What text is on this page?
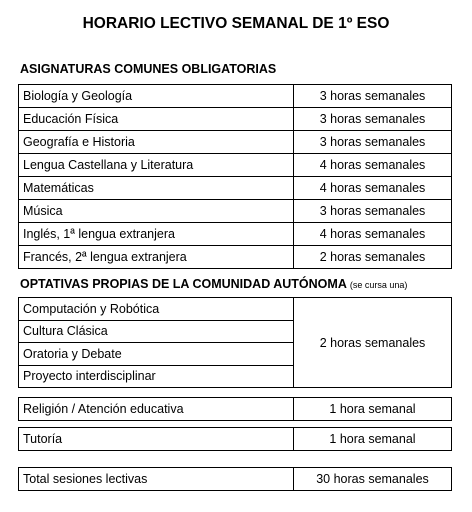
HORARIO LECTIVO SEMANAL DE 1º ESO
ASIGNATURAS COMUNES OBLIGATORIAS
Biología y Geología	3 horas semanales
Educación Física	3 horas semanales
Geografía e Historia	3 horas semanales
Lengua Castellana y Literatura	4 horas semanales
Matemáticas	4 horas semanales
Música	3 horas semanales
Inglés, 1ª lengua extranjera	4 horas semanales
Francés, 2ª lengua extranjera	2 horas semanales
OPTATIVAS PROPIAS DE LA COMUNIDAD AUTÓNOMA (se cursa una)
Computación y Robótica	2 horas semanales
Cultura Clásica
Oratoria y Debate
Proyecto interdisciplinar
Religión / Atención educativa	1 hora semanal
Tutoría	1 hora semanal
Total sesiones lectivas	30 horas semanales
